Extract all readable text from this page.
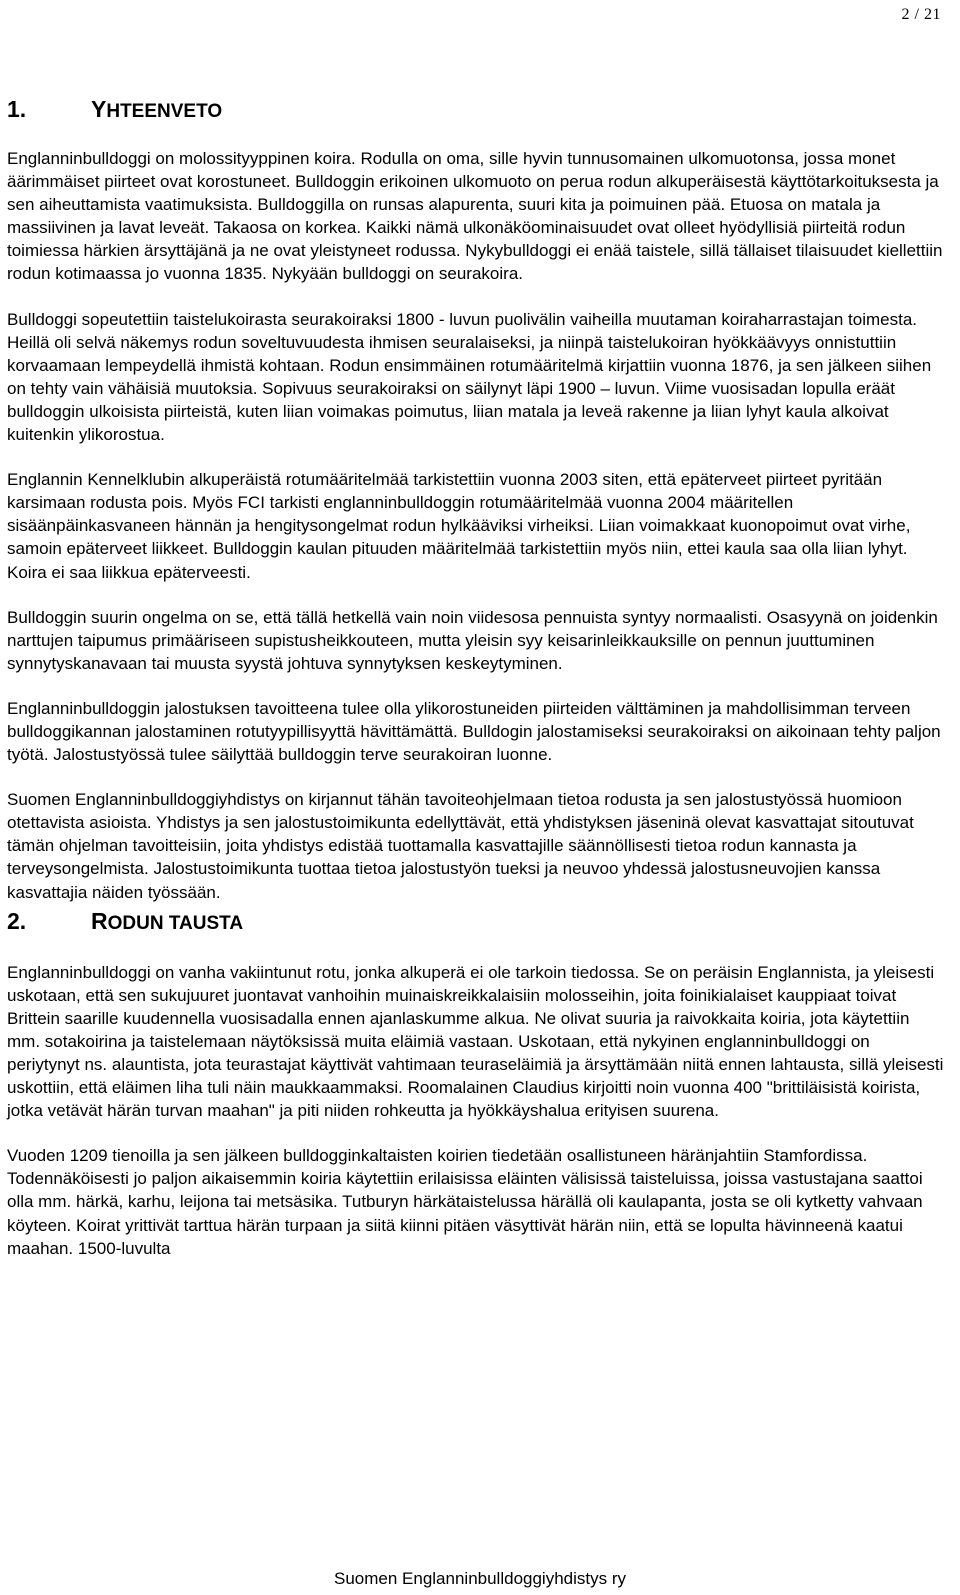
2 / 21
1.	YHTEENVETO

Englanninbulldoggi on molossityyppinen koira. Rodulla on oma, sille hyvin tunnusomainen ulkomuotonsa, jossa monet äärimmäiset piirteet ovat korostuneet. Bulldoggin erikoinen ulkomuoto on perua rodun alkuperäisestä käyttötarkoituksesta ja sen aiheuttamista vaatimuksista. Bulldoggilla on runsas alapurenta, suuri kita ja poimuinen pää. Etuosa on matala ja massiivinen ja lavat leveät. Takaosa on korkea. Kaikki nämä ulkonäköominaisuudet ovat olleet hyödyllisiä piirteitä rodun toimiessa härkien ärsyttäjänä ja ne ovat yleistyneet rodussa. Nykybulldoggi ei enää taistele, sillä tällaiset tilaisuudet kiellettiin rodun kotimaassa jo vuonna 1835. Nykyään bulldoggi on seurakoira.

Bulldoggi sopeutettiin taistelukoirasta seurakoiraksi 1800 - luvun puolivälin vaiheilla muutaman koiraharrastajan toimesta. Heillä oli selvä näkemys rodun soveltuvuudesta ihmisen seuralaiseksi, ja niinpä taistelukoiran hyökkäävyys onnistuttiin korvaamaan lempeydellä ihmistä kohtaan. Rodun ensimmäinen rotumääritelmä kirjattiin vuonna 1876, ja sen jälkeen siihen on tehty vain vähäisiä muutoksia. Sopivuus seurakoiraksi on säilynyt läpi 1900 – luvun. Viime vuosisadan lopulla eräät bulldoggin ulkoisista piirteistä, kuten liian voimakas poimutus, liian matala ja leveä rakenne ja liian lyhyt kaula alkoivat kuitenkin ylikorostua.

Englannin Kennelklubin alkuperäistä rotumääritelmää tarkistettiin vuonna 2003 siten, että epäterveet piirteet pyritään karsimaan rodusta pois. Myös FCI tarkisti englanninbulldoggin rotumääritelmää vuonna 2004 määritellen sisäänpäinkasvaneen hännän ja hengitysongelmat rodun hylkääviksi virheiksi. Liian voimakkaat kuonopoimut ovat virhe, samoin epäterveet liikkeet. Bulldoggin kaulan pituuden määritelmää tarkistettiin myös niin, ettei kaula saa olla liian lyhyt. Koira ei saa liikkua epäterveesti.

Bulldoggin suurin ongelma on se, että tällä hetkellä vain noin viidesosa pennuista syntyy normaalisti. Osasyynä on joidenkin narttujen taipumus primääriseen supistusheikkouteen, mutta yleisin syy keisarinleikkauksille on pennun juuttuminen synnytyskanavaan tai muusta syystä johtuva synnytyksen keskeytyminen.

Englanninbulldoggin jalostuksen tavoitteena tulee olla ylikorostuneiden piirteiden välttäminen ja mahdollisimman terveen bulldoggikannan jalostaminen rotutyypillisyyttä hävittämättä. Bulldogin jalostamiseksi seurakoiraksi on aikoinaan tehty paljon työtä. Jalostustyössä tulee säilyttää bulldoggin terve seurakoiran luonne.

Suomen Englanninbulldoggiyhdistys on kirjannut tähän tavoiteohjelmaan tietoa rodusta ja sen jalostustyössä huomioon otettavista asioista. Yhdistys ja sen jalostustoimikunta edellyttävät, että yhdistyksen jäseninä olevat kasvattajat sitoutuvat tämän ohjelman tavoitteisiin, joita yhdistys edistää tuottamalla kasvattajille säännöllisesti tietoa rodun kannasta ja terveysongelmista. Jalostustoimikunta tuottaa tietoa jalostustyön tueksi ja neuvoo yhdessä jalostusneuvojien kanssa kasvattajia näiden työssään.

2.	RODUN TAUSTA

Englanninbulldoggi on vanha vakiintunut rotu, jonka alkuperä ei ole tarkoin tiedossa. Se on peräisin Englannista, ja yleisesti uskotaan, että sen sukujuuret juontavat vanhoihin muinaiskreikkalaisiin molosseihin, joita foinikialaiset kauppiaat toivat Brittein saarille kuudennella vuosisadalla ennen ajanlaskumme alkua. Ne olivat suuria ja raivokkaita koiria, jota käytettiin mm. sotakoirina ja taistelemaan näytöksissä muita eläimiä vastaan. Uskotaan, että nykyinen englanninbulldoggi on periytynyt ns. alauntista, jota teurastajat käyttivät vahtimaan teuraseläimiä ja ärsyttämään niitä ennen lahtausta, sillä yleisesti uskottiin, että eläimen liha tuli näin maukkaammaksi. Roomalainen Claudius kirjoitti noin vuonna 400 "brittiläisistä koirista, jotka vetävät härän turvan maahan" ja piti niiden rohkeutta ja hyökkäyshalua erityisen suurena.

Vuoden 1209 tienoilla ja sen jälkeen bulldogginkaltaisten koirien tiedetään osallistuneen häränjahtiin Stamfordissa. Todennäköisesti jo paljon aikaisemmin koiria käytettiin erilaisissa eläinten välisissä taisteluissa, joissa vastustajana saattoi olla mm. härkä, karhu, leijona tai metsäsika. Tutburyn härkätaistelussa härällä oli kaulapanta, josta se oli kytketty vahvaan köyteen. Koirat yrittivät tarttua härän turpaan ja siitä kiinni pitäen väsyttivät härän niin, että se lopulta hävinneenä kaatui maahan. 1500-luvulta

Suomen Englanninbulldoggiyhdistys ry
